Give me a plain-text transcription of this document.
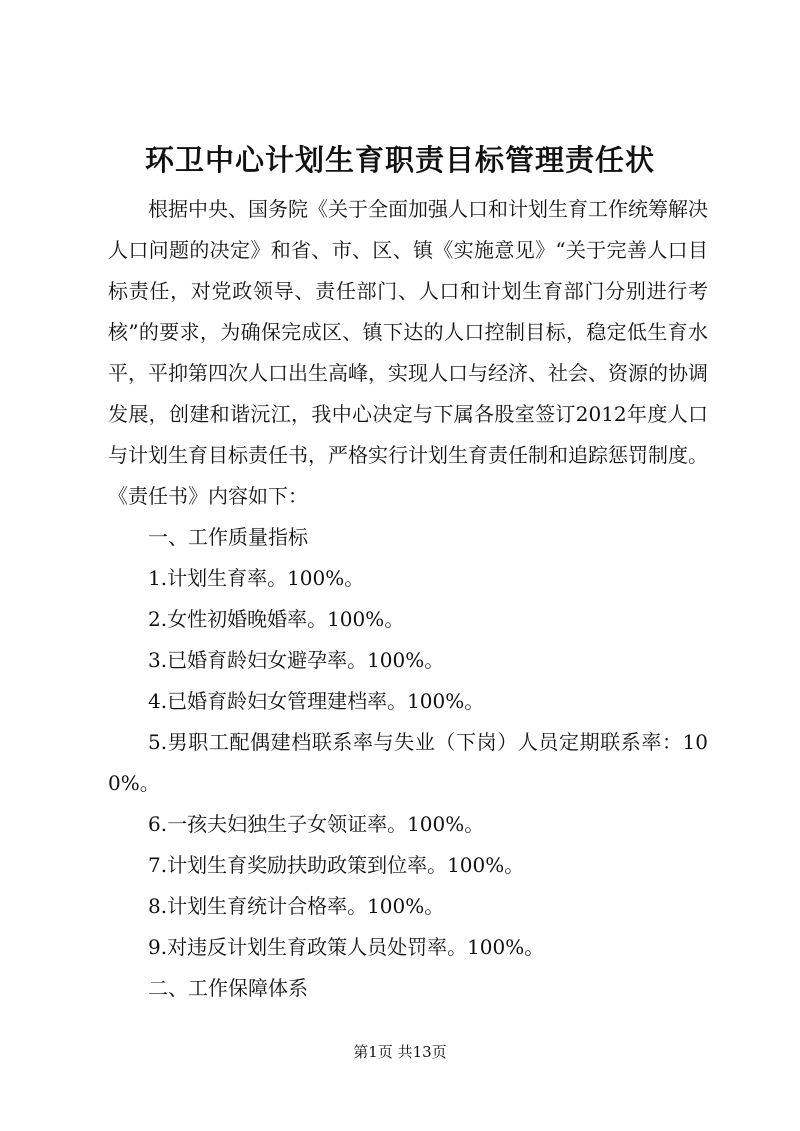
环卫中心计划生育职责目标管理责任状

根据中央、国务院《关于全面加强人口和计划生育工作统筹解决人口问题的决定》和省、市、区、镇《实施意见》“关于完善人口目标责任，对党政领导、责任部门、人口和计划生育部门分别进行考核”的要求，为确保完成区、镇下达的人口控制目标，稳定低生育水平，平抑第四次人口出生高峰，实现人口与经济、社会、资源的协调发展，创建和谐沅江，我中心决定与下属各股室签订2012年度人口与计划生育目标责任书，严格实行计划生育责任制和追踪惩罚制度。《责任书》内容如下：

一、工作质量指标

1.计划生育率。100%。

2.女性初婚晚婚率。100%。

3.已婚育龄妇女避孕率。100%。

4.已婚育龄妇女管理建档率。100%。

5.男职工配偶建档联系率与失业（下岗）人员定期联系率：100%。

6.一孩夫妇独生子女领证率。100%。

7.计划生育奖励扶助政策到位率。100%。

8.计划生育统计合格率。100%。

9.对违反计划生育政策人员处罚率。100%。

二、工作保障体系

第1页 共13页
